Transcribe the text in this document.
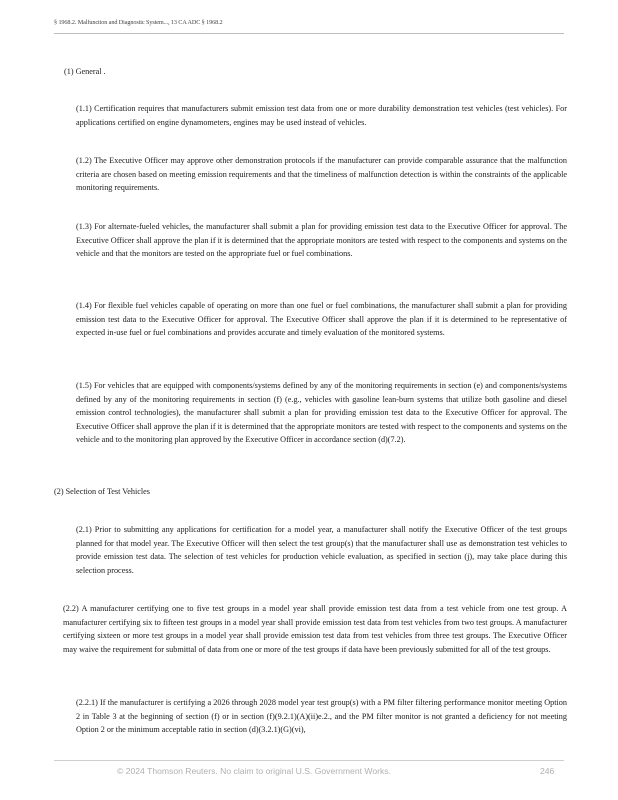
§ 1968.2. Malfunction and Diagnostic System..., 13 CA ADC § 1968.2
(1) General .
(1.1) Certification requires that manufacturers submit emission test data from one or more durability demonstration test vehicles (test vehicles). For applications certified on engine dynamometers, engines may be used instead of vehicles.
(1.2) The Executive Officer may approve other demonstration protocols if the manufacturer can provide comparable assurance that the malfunction criteria are chosen based on meeting emission requirements and that the timeliness of malfunction detection is within the constraints of the applicable monitoring requirements.
(1.3) For alternate-fueled vehicles, the manufacturer shall submit a plan for providing emission test data to the Executive Officer for approval. The Executive Officer shall approve the plan if it is determined that the appropriate monitors are tested with respect to the components and systems on the vehicle and that the monitors are tested on the appropriate fuel or fuel combinations.
(1.4) For flexible fuel vehicles capable of operating on more than one fuel or fuel combinations, the manufacturer shall submit a plan for providing emission test data to the Executive Officer for approval. The Executive Officer shall approve the plan if it is determined to be representative of expected in-use fuel or fuel combinations and provides accurate and timely evaluation of the monitored systems.
(1.5) For vehicles that are equipped with components/systems defined by any of the monitoring requirements in section (e) and components/systems defined by any of the monitoring requirements in section (f) (e.g., vehicles with gasoline lean-burn systems that utilize both gasoline and diesel emission control technologies), the manufacturer shall submit a plan for providing emission test data to the Executive Officer for approval. The Executive Officer shall approve the plan if it is determined that the appropriate monitors are tested with respect to the components and systems on the vehicle and to the monitoring plan approved by the Executive Officer in accordance section (d)(7.2).
(2) Selection of Test Vehicles
(2.1) Prior to submitting any applications for certification for a model year, a manufacturer shall notify the Executive Officer of the test groups planned for that model year. The Executive Officer will then select the test group(s) that the manufacturer shall use as demonstration test vehicles to provide emission test data. The selection of test vehicles for production vehicle evaluation, as specified in section (j), may take place during this selection process.
(2.2) A manufacturer certifying one to five test groups in a model year shall provide emission test data from a test vehicle from one test group. A manufacturer certifying six to fifteen test groups in a model year shall provide emission test data from test vehicles from two test groups. A manufacturer certifying sixteen or more test groups in a model year shall provide emission test data from test vehicles from three test groups. The Executive Officer may waive the requirement for submittal of data from one or more of the test groups if data have been previously submitted for all of the test groups.
(2.2.1) If the manufacturer is certifying a 2026 through 2028 model year test group(s) with a PM filter filtering performance monitor meeting Option 2 in Table 3 at the beginning of section (f) or in section (f)(9.2.1)(A)(ii)e.2., and the PM filter monitor is not granted a deficiency for not meeting Option 2 or the minimum acceptable ratio in section (d)(3.2.1)(G)(vi),
© 2024 Thomson Reuters. No claim to original U.S. Government Works.	246
